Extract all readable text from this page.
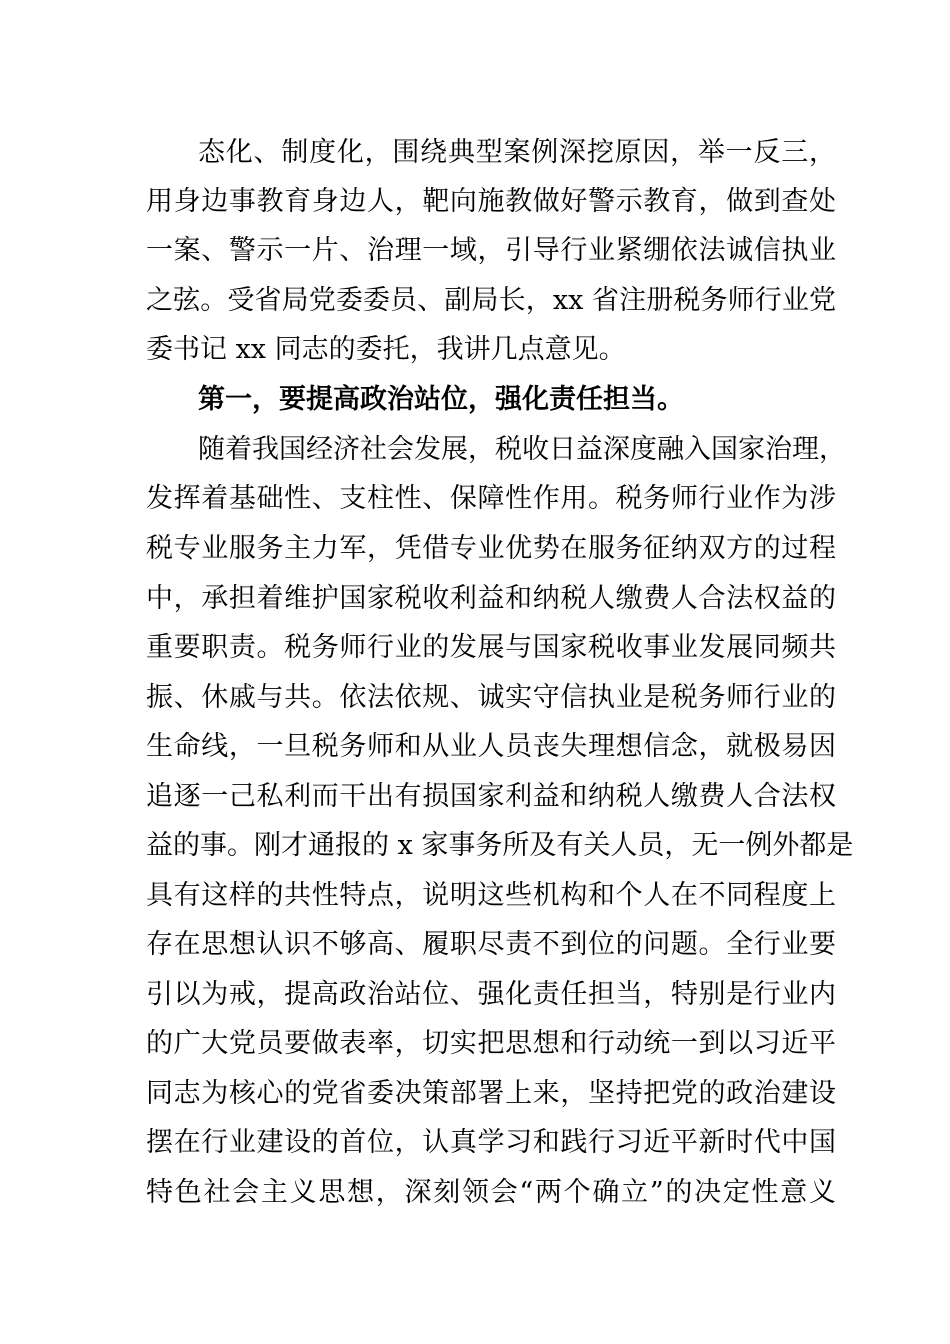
态化、制度化，围绕典型案例深挖原因，举一反三，
用身边事教育身边人，靶向施教做好警示教育，做到查处
一案、警示一片、治理一域，引导行业紧绷依法诚信执业
之弦。受省局党委委员、副局长，xx 省注册税务师行业党
委书记 xx 同志的委托，我讲几点意见。
第一，要提高政治站位，强化责任担当。
随着我国经济社会发展，税收日益深度融入国家治理，
发挥着基础性、支柱性、保障性作用。税务师行业作为涉
税专业服务主力军，凭借专业优势在服务征纳双方的过程
中，承担着维护国家税收利益和纳税人缴费人合法权益的
重要职责。税务师行业的发展与国家税收事业发展同频共
振、休戚与共。依法依规、诚实守信执业是税务师行业的
生命线，一旦税务师和从业人员丧失理想信念，就极易因
追逐一己私利而干出有损国家利益和纳税人缴费人合法权
益的事。刚才通报的 x 家事务所及有关人员，无一例外都是
具有这样的共性特点，说明这些机构和个人在不同程度上
存在思想认识不够高、履职尽责不到位的问题。全行业要
引以为戒，提高政治站位、强化责任担当，特别是行业内
的广大党员要做表率，切实把思想和行动统一到以习近平
同志为核心的党省委决策部署上来，坚持把党的政治建设
摆在行业建设的首位，认真学习和践行习近平新时代中国
特色社会主义思想，深刻领会“两个确立”的决定性意义
